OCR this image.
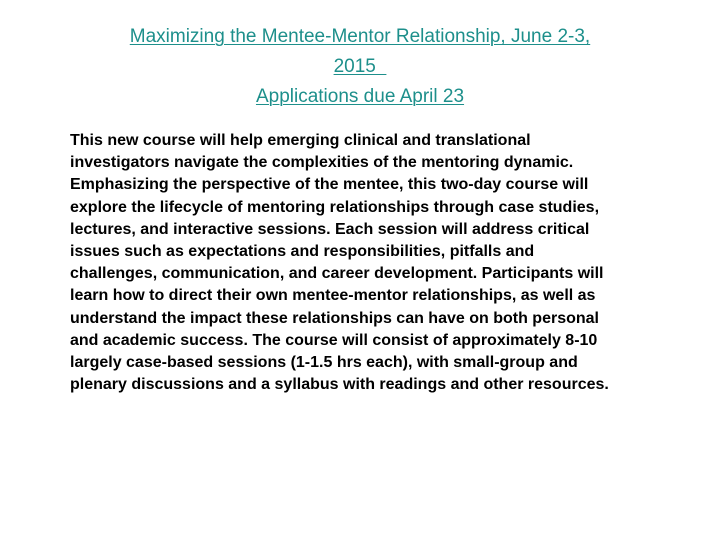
Maximizing the Mentee-Mentor Relationship, June 2-3,
2015
Applications due April 23

This new course will help emerging clinical and translational
investigators navigate the complexities of the mentoring dynamic.
Emphasizing the perspective of the mentee, this two-day course will
explore the lifecycle of mentoring relationships through case studies,
lectures, and interactive sessions. Each session will address critical
issues such as expectations and responsibilities, pitfalls and
challenges, communication, and career development. Participants will
learn how to direct their own mentee-mentor relationships, as well as
understand the impact these relationships can have on both personal
and academic success. The course will consist of approximately 8-10
largely case-based sessions (1-1.5 hrs each), with small-group and
plenary discussions and a syllabus with readings and other resources.
